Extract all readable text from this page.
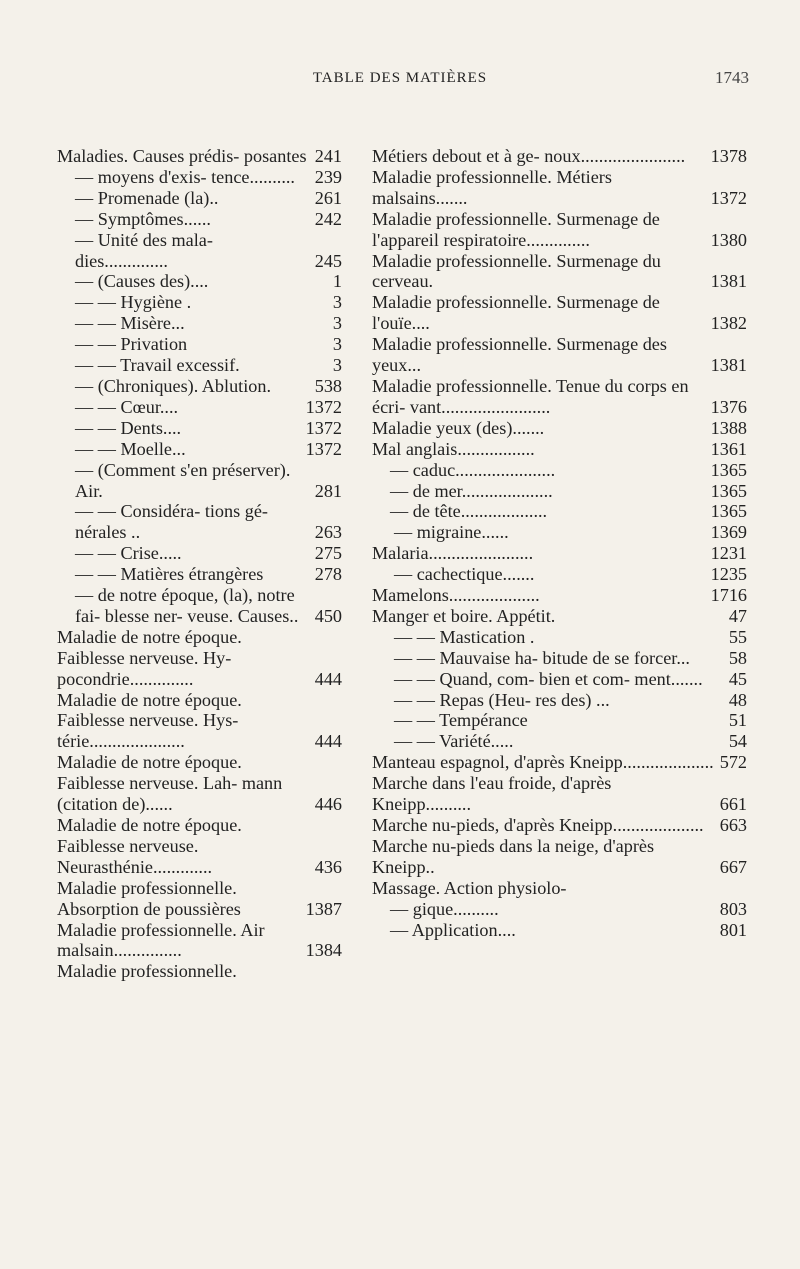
TABLE DES MATIÈRES	1743
Maladies. Causes prédis- posantes 241
— moyens d'exis- tence..........	239
— Promenade (la)..	261
— Symptômes......	242
— Unité des mala- dies..............	245
— (Causes des)....	1
— — Hygiène .	3
— — Misère...	3
— — Privation	3
— — Travail excessif.	3
— (Chroniques). Ablution.	538
— — Cœur....	1372
— — Dents....	1372
— — Moelle...	1372
— (Comment s'en préserver). Air.	281
— — Considéra- tions gé- nérales ..	263
— — Crise.....	275
— — Matières étrangères	278
— de notre époque, (la), notre fai- blesse ner- veuse. Causes.. 450
Maladie de notre époque. Faiblesse nerveuse. Hy- pocondrie..............	444
Maladie de notre époque. Faiblesse nerveuse. Hys- térie.....................	444
Maladie de notre époque. Faiblesse nerveuse. Lah- mann (citation de)......	446
Maladie de notre époque. Faiblesse nerveuse. Neurasthénie.............	436
Maladie professionnelle. Absorption de poussières	1387
Maladie professionnelle. Air malsain...............	1384
Maladie professionnelle.
Métiers debout et à ge- noux.......................	1378
Maladie professionnelle. Métiers malsains.......	1372
Maladie professionnelle. Surmenage de l'appareil respiratoire..............	1380
Maladie professionnelle. Surmenage du cerveau.	1381
Maladie professionnelle. Surmenage de l'ouïe....	1382
Maladie professionnelle. Surmenage des yeux...	1381
Maladie professionnelle. Tenue du corps en écri- vant........................	1376
Maladie yeux (des).......	1388
Mal anglais.................	1361
— caduc......................	1365
— de mer....................	1365
— de tête...................	1365
— migraine......	1369
Malaria.......................	1231
— cachectique.......	1235
Mamelons....................	1716
Manger et boire. Appétit.	47
— — Mastication .	55
— — Mauvaise ha- bitude de se forcer...	58
— — Quand, com- bien et com- ment.......	45
— — Repas (Heu- res des) ...	48
— — Tempérance	51
— — Variété.....	54
Manteau espagnol, d'après Kneipp.................... 572
Marche dans l'eau froide, d'après Kneipp..........	661
Marche nu-pieds, d'après Kneipp.................... 663
Marche nu-pieds dans la neige, d'après Kneipp..	667
Massage. Action physiolo-
— gique..........	803
— Application....	801
